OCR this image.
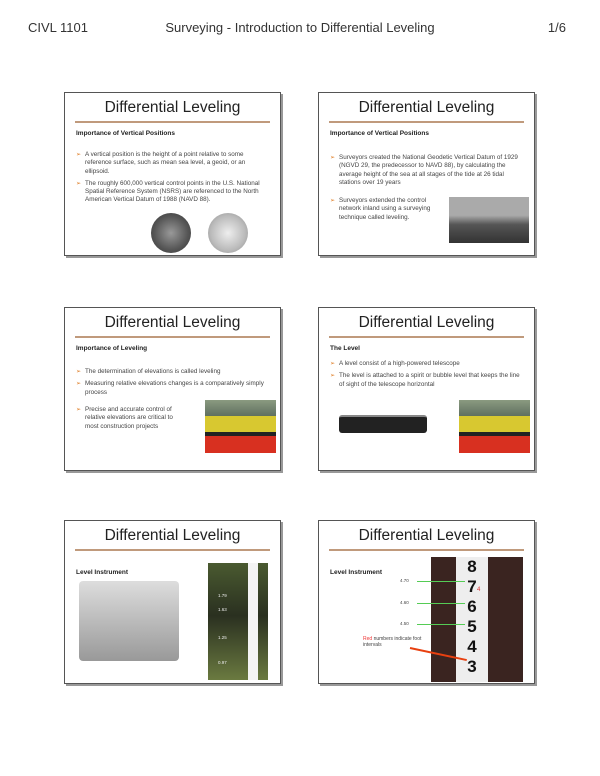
CIVL 1101	Surveying - Introduction to Differential Leveling	1/6
Differential Leveling
Importance of Vertical Positions

➢ A vertical position is the height of a point relative to some reference surface, such as mean sea level, a geoid, or an ellipsoid.

➢ The roughly 600,000 vertical control points in the U.S. National Spatial Reference System (NSRS) are referenced to the North American Vertical Datum of 1988 (NAVD 88).

Differential Leveling
Importance of Vertical Positions

➢ Surveyors created the National Geodetic Vertical Datum of 1929 (NGVD 29, the predecessor to NAVD 88), by calculating the average height of the sea at all stages of the tide at 26 tidal stations over 19 years

➢ Surveyors extended the control network inland using a surveying technique called leveling.

Differential Leveling
Importance of Leveling

➢ The determination of elevations is called leveling

➢ Measuring relative elevations changes is a comparatively simply process

➢ Precise and accurate control of relative elevations are critical to most construction projects

Differential Leveling
The Level

➢ A level consist of a high-powered telescope

➢ The level is attached to a spirit or bubble level that keeps the line of sight of the telescope horizontal

Differential Leveling
Level Instrument
1.79
1.63
1.25
0.97
Differential Leveling
Level Instrument	8
7
6
5
4
3
4
4.70
4.60
4.50
Red numbers indicate foot intervals
